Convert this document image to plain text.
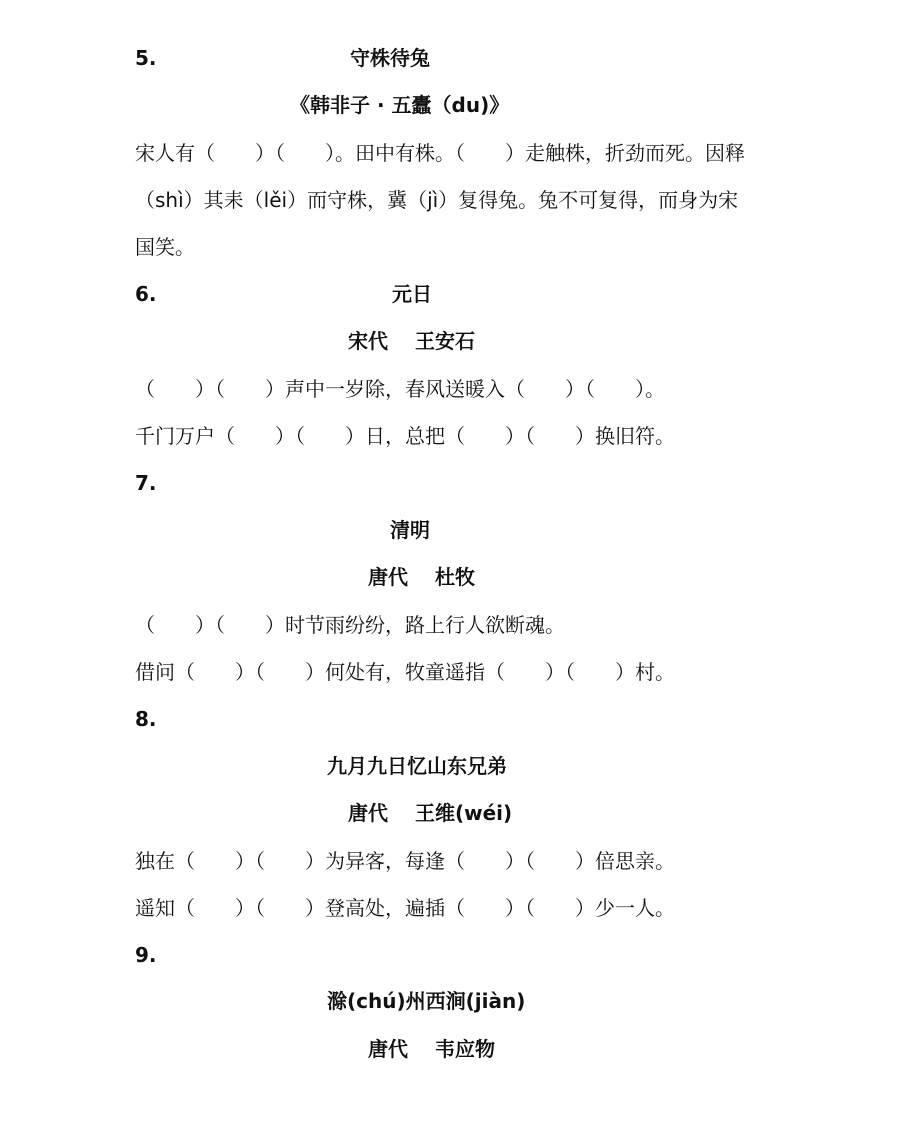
5.	守株待兔
《韩非子 · 五蠹（du)》
宋人有（　　）（　　）。田中有株。（　　）走触株，折劲而死。因释
（shì）其耒（lěi）而守株，冀（jì）复得兔。兔不可复得，而身为宋
国笑。
6.	元日
宋代　 王安石
（　　）（　　）声中一岁除，春风送暖入（　　）（　　）。
千门万户（　　）（　　）日，总把（　　）（　　）换旧符。
7.
清明
唐代　 杜牧
（　　）（　　）时节雨纷纷，路上行人欲断魂。
借问（　　）（　　）何处有，牧童遥指（　　）（　　）村。
8.
九月九日忆山东兄弟
唐代　 王维(wéi)
独在（　　）（　　）为异客，每逢（　　）（　　）倍思亲。
遥知（　　）（　　）登高处，遍插（　　）（　　）少一人。
9.
滁(chú)州西涧(jiàn)
唐代　 韦应物
